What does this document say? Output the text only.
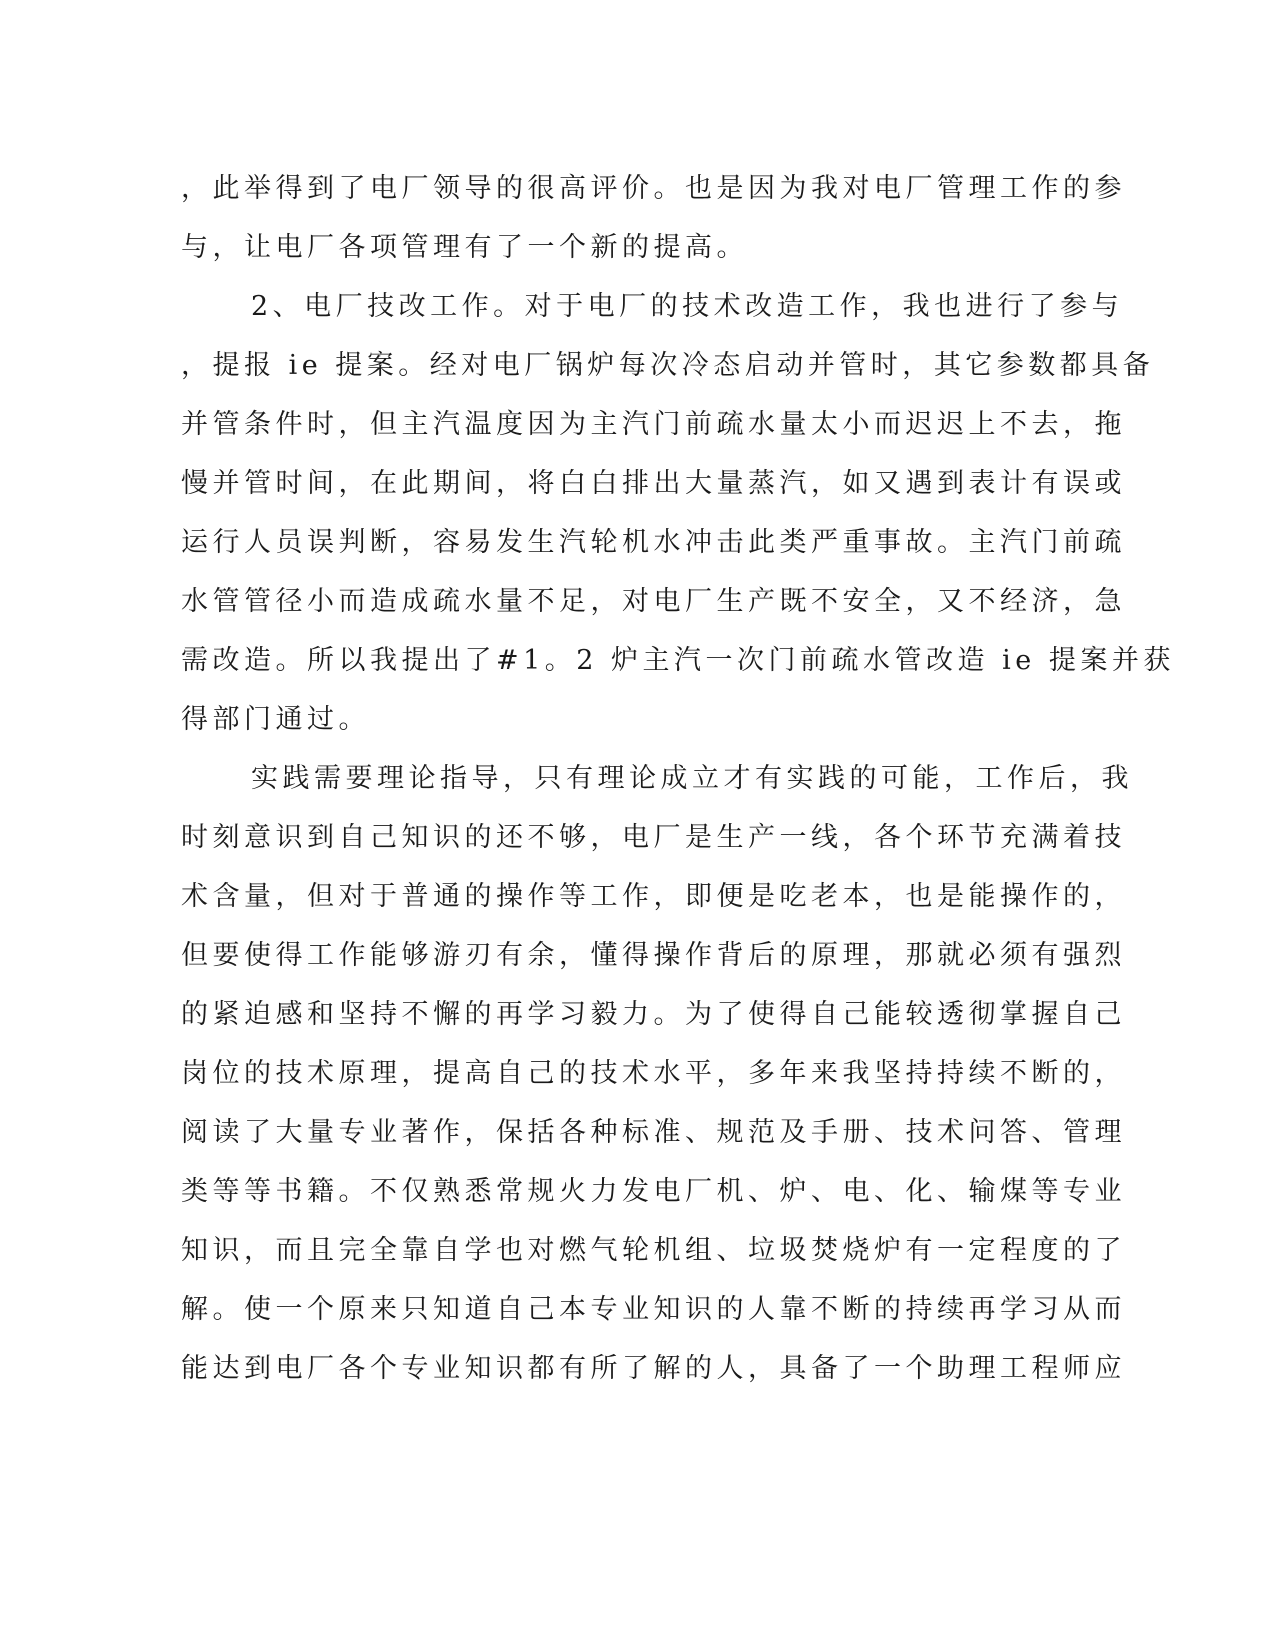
，此举得到了电厂领导的很高评价。也是因为我对电厂管理工作的参
与，让电厂各项管理有了一个新的提高。
2、电厂技改工作。对于电厂的技术改造工作，我也进行了参与
，提报 ie 提案。经对电厂锅炉每次冷态启动并管时，其它参数都具备
并管条件时，但主汽温度因为主汽门前疏水量太小而迟迟上不去，拖
慢并管时间，在此期间，将白白排出大量蒸汽，如又遇到表计有误或
运行人员误判断，容易发生汽轮机水冲击此类严重事故。主汽门前疏
水管管径小而造成疏水量不足，对电厂生产既不安全，又不经济，急
需改造。所以我提出了#1。2 炉主汽一次门前疏水管改造 ie 提案并获
得部门通过。
实践需要理论指导，只有理论成立才有实践的可能，工作后，我
时刻意识到自己知识的还不够，电厂是生产一线，各个环节充满着技
术含量，但对于普通的操作等工作，即便是吃老本，也是能操作的，
但要使得工作能够游刃有余，懂得操作背后的原理，那就必须有强烈
的紧迫感和坚持不懈的再学习毅力。为了使得自己能较透彻掌握自己
岗位的技术原理，提高自己的技术水平，多年来我坚持持续不断的，
阅读了大量专业著作，保括各种标准、规范及手册、技术问答、管理
类等等书籍。不仅熟悉常规火力发电厂机、炉、电、化、输煤等专业
知识，而且完全靠自学也对燃气轮机组、垃圾焚烧炉有一定程度的了
解。使一个原来只知道自己本专业知识的人靠不断的持续再学习从而
能达到电厂各个专业知识都有所了解的人，具备了一个助理工程师应
